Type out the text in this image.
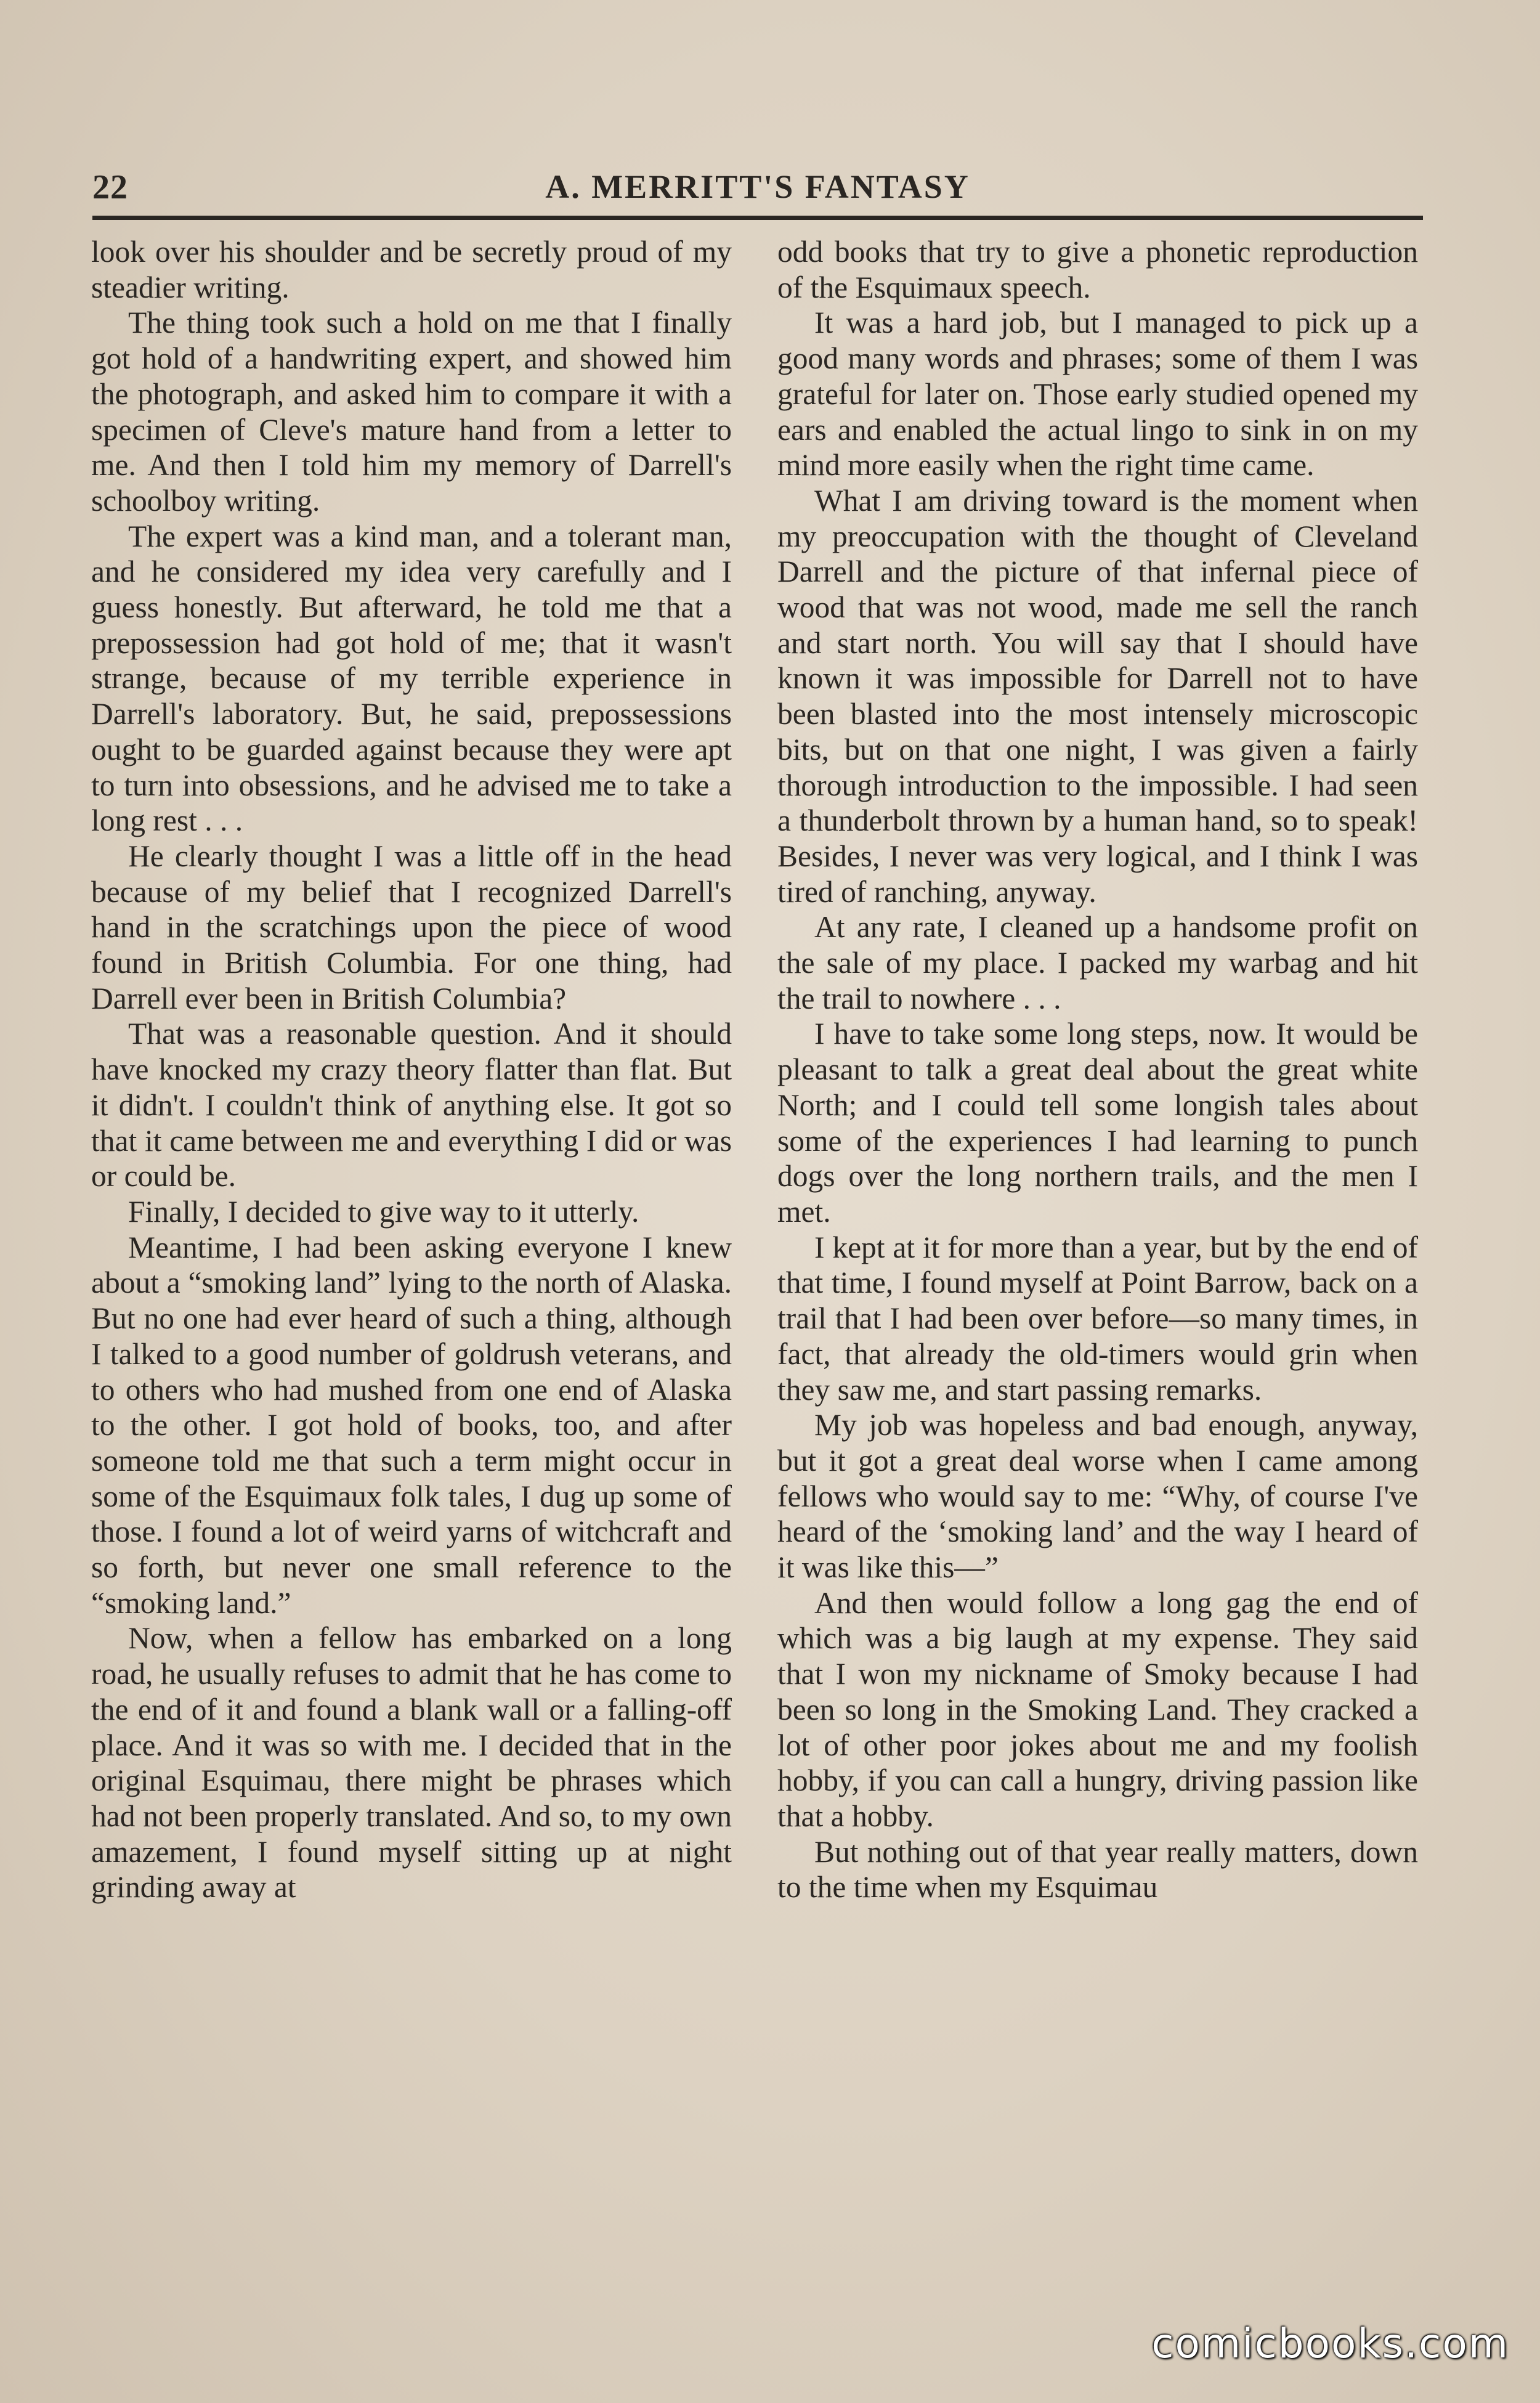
22	A. MERRITT'S FANTASY

look over his shoulder and be secretly proud of my steadier writing.

The thing took such a hold on me that I finally got hold of a handwriting expert, and showed him the photograph, and asked him to compare it with a specimen of Cleve's mature hand from a letter to me. And then I told him my memory of Darrell's schoolboy writing.

The expert was a kind man, and a tolerant man, and he considered my idea very carefully and I guess honestly. But afterward, he told me that a prepossession had got hold of me; that it wasn't strange, because of my terrible experience in Darrell's laboratory. But, he said, prepossessions ought to be guarded against because they were apt to turn into obsessions, and he advised me to take a long rest . . .

He clearly thought I was a little off in the head because of my belief that I recognized Darrell's hand in the scratchings upon the piece of wood found in British Columbia. For one thing, had Darrell ever been in British Columbia?

That was a reasonable question. And it should have knocked my crazy theory flatter than flat. But it didn't. I couldn't think of anything else. It got so that it came between me and everything I did or was or could be.

Finally, I decided to give way to it utterly.

Meantime, I had been asking everyone I knew about a “smoking land” lying to the north of Alaska. But no one had ever heard of such a thing, although I talked to a good number of goldrush veterans, and to others who had mushed from one end of Alaska to the other. I got hold of books, too, and after someone told me that such a term might occur in some of the Esquimaux folk tales, I dug up some of those. I found a lot of weird yarns of witchcraft and so forth, but never one small reference to the “smoking land.”

Now, when a fellow has embarked on a long road, he usually refuses to admit that he has come to the end of it and found a blank wall or a falling-off place. And it was so with me. I decided that in the original Esquimau, there might be phrases which had not been properly translated. And so, to my own amazement, I found myself sitting up at night grinding away at

odd books that try to give a phonetic reproduction of the Esquimaux speech.

It was a hard job, but I managed to pick up a good many words and phrases; some of them I was grateful for later on. Those early studied opened my ears and enabled the actual lingo to sink in on my mind more easily when the right time came.

What I am driving toward is the moment when my preoccupation with the thought of Cleveland Darrell and the picture of that infernal piece of wood that was not wood, made me sell the ranch and start north. You will say that I should have known it was impossible for Darrell not to have been blasted into the most intensely microscopic bits, but on that one night, I was given a fairly thorough introduction to the impossible. I had seen a thunderbolt thrown by a human hand, so to speak! Besides, I never was very logical, and I think I was tired of ranching, anyway.

At any rate, I cleaned up a handsome profit on the sale of my place. I packed my warbag and hit the trail to nowhere . . .

I have to take some long steps, now. It would be pleasant to talk a great deal about the great white North; and I could tell some longish tales about some of the experiences I had learning to punch dogs over the long northern trails, and the men I met.

I kept at it for more than a year, but by the end of that time, I found myself at Point Barrow, back on a trail that I had been over before—so many times, in fact, that already the old-timers would grin when they saw me, and start passing remarks.

My job was hopeless and bad enough, anyway, but it got a great deal worse when I came among fellows who would say to me: “Why, of course I've heard of the ‘smoking land’ and the way I heard of it was like this—”

And then would follow a long gag the end of which was a big laugh at my expense. They said that I won my nickname of Smoky because I had been so long in the Smoking Land. They cracked a lot of other poor jokes about me and my foolish hobby, if you can call a hungry, driving passion like that a hobby.

But nothing out of that year really matters, down to the time when my Esquimau

comicbooks.com
